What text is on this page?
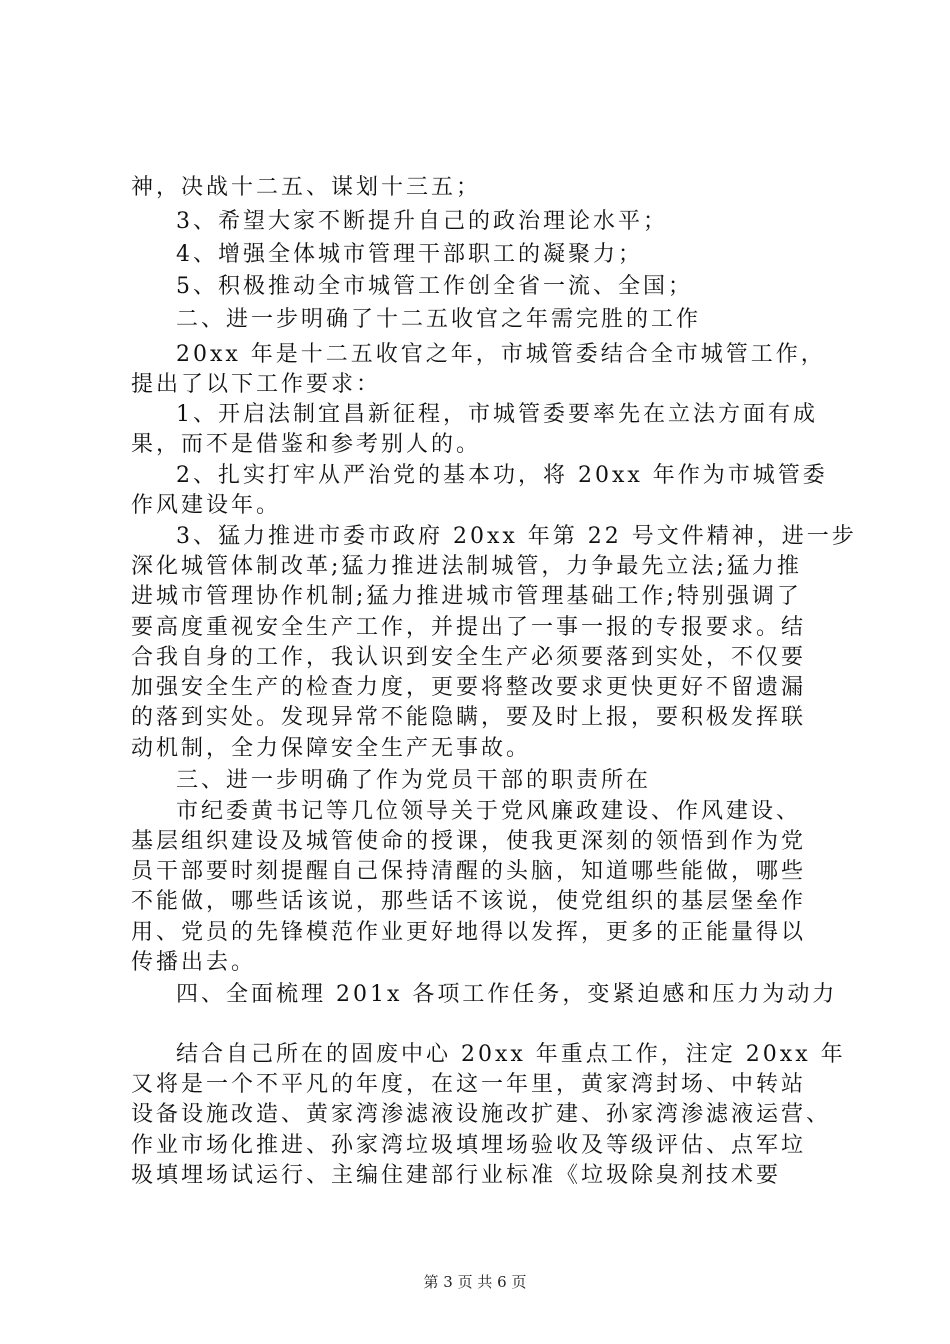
神，决战十二五、谋划十三五；
3、希望大家不断提升自己的政治理论水平；
4、增强全体城市管理干部职工的凝聚力；
5、积极推动全市城管工作创全省一流、全国；
二、进一步明确了十二五收官之年需完胜的工作
20xx 年是十二五收官之年，市城管委结合全市城管工作，
提出了以下工作要求：
1、开启法制宜昌新征程，市城管委要率先在立法方面有成
果，而不是借鉴和参考别人的。
2、扎实打牢从严治党的基本功，将 20xx 年作为市城管委
作风建设年。
3、猛力推进市委市政府 20xx 年第 22 号文件精神，进一步
深化城管体制改革;猛力推进法制城管，力争最先立法;猛力推
进城市管理协作机制;猛力推进城市管理基础工作;特别强调了
要高度重视安全生产工作，并提出了一事一报的专报要求。结
合我自身的工作，我认识到安全生产必须要落到实处，不仅要
加强安全生产的检查力度，更要将整改要求更快更好不留遗漏
的落到实处。发现异常不能隐瞒，要及时上报，要积极发挥联
动机制，全力保障安全生产无事故。
三、进一步明确了作为党员干部的职责所在
市纪委黄书记等几位领导关于党风廉政建设、作风建设、
基层组织建设及城管使命的授课，使我更深刻的领悟到作为党
员干部要时刻提醒自己保持清醒的头脑，知道哪些能做，哪些
不能做，哪些话该说，那些话不该说，使党组织的基层堡垒作
用、党员的先锋模范作业更好地得以发挥，更多的正能量得以
传播出去。
四、全面梳理 201x 各项工作任务，变紧迫感和压力为动力
结合自己所在的固废中心 20xx 年重点工作，注定 20xx 年
又将是一个不平凡的年度，在这一年里，黄家湾封场、中转站
设备设施改造、黄家湾渗滤液设施改扩建、孙家湾渗滤液运营、
作业市场化推进、孙家湾垃圾填埋场验收及等级评估、点军垃
圾填埋场试运行、主编住建部行业标准《垃圾除臭剂技术要
第 3 页 共 6 页
